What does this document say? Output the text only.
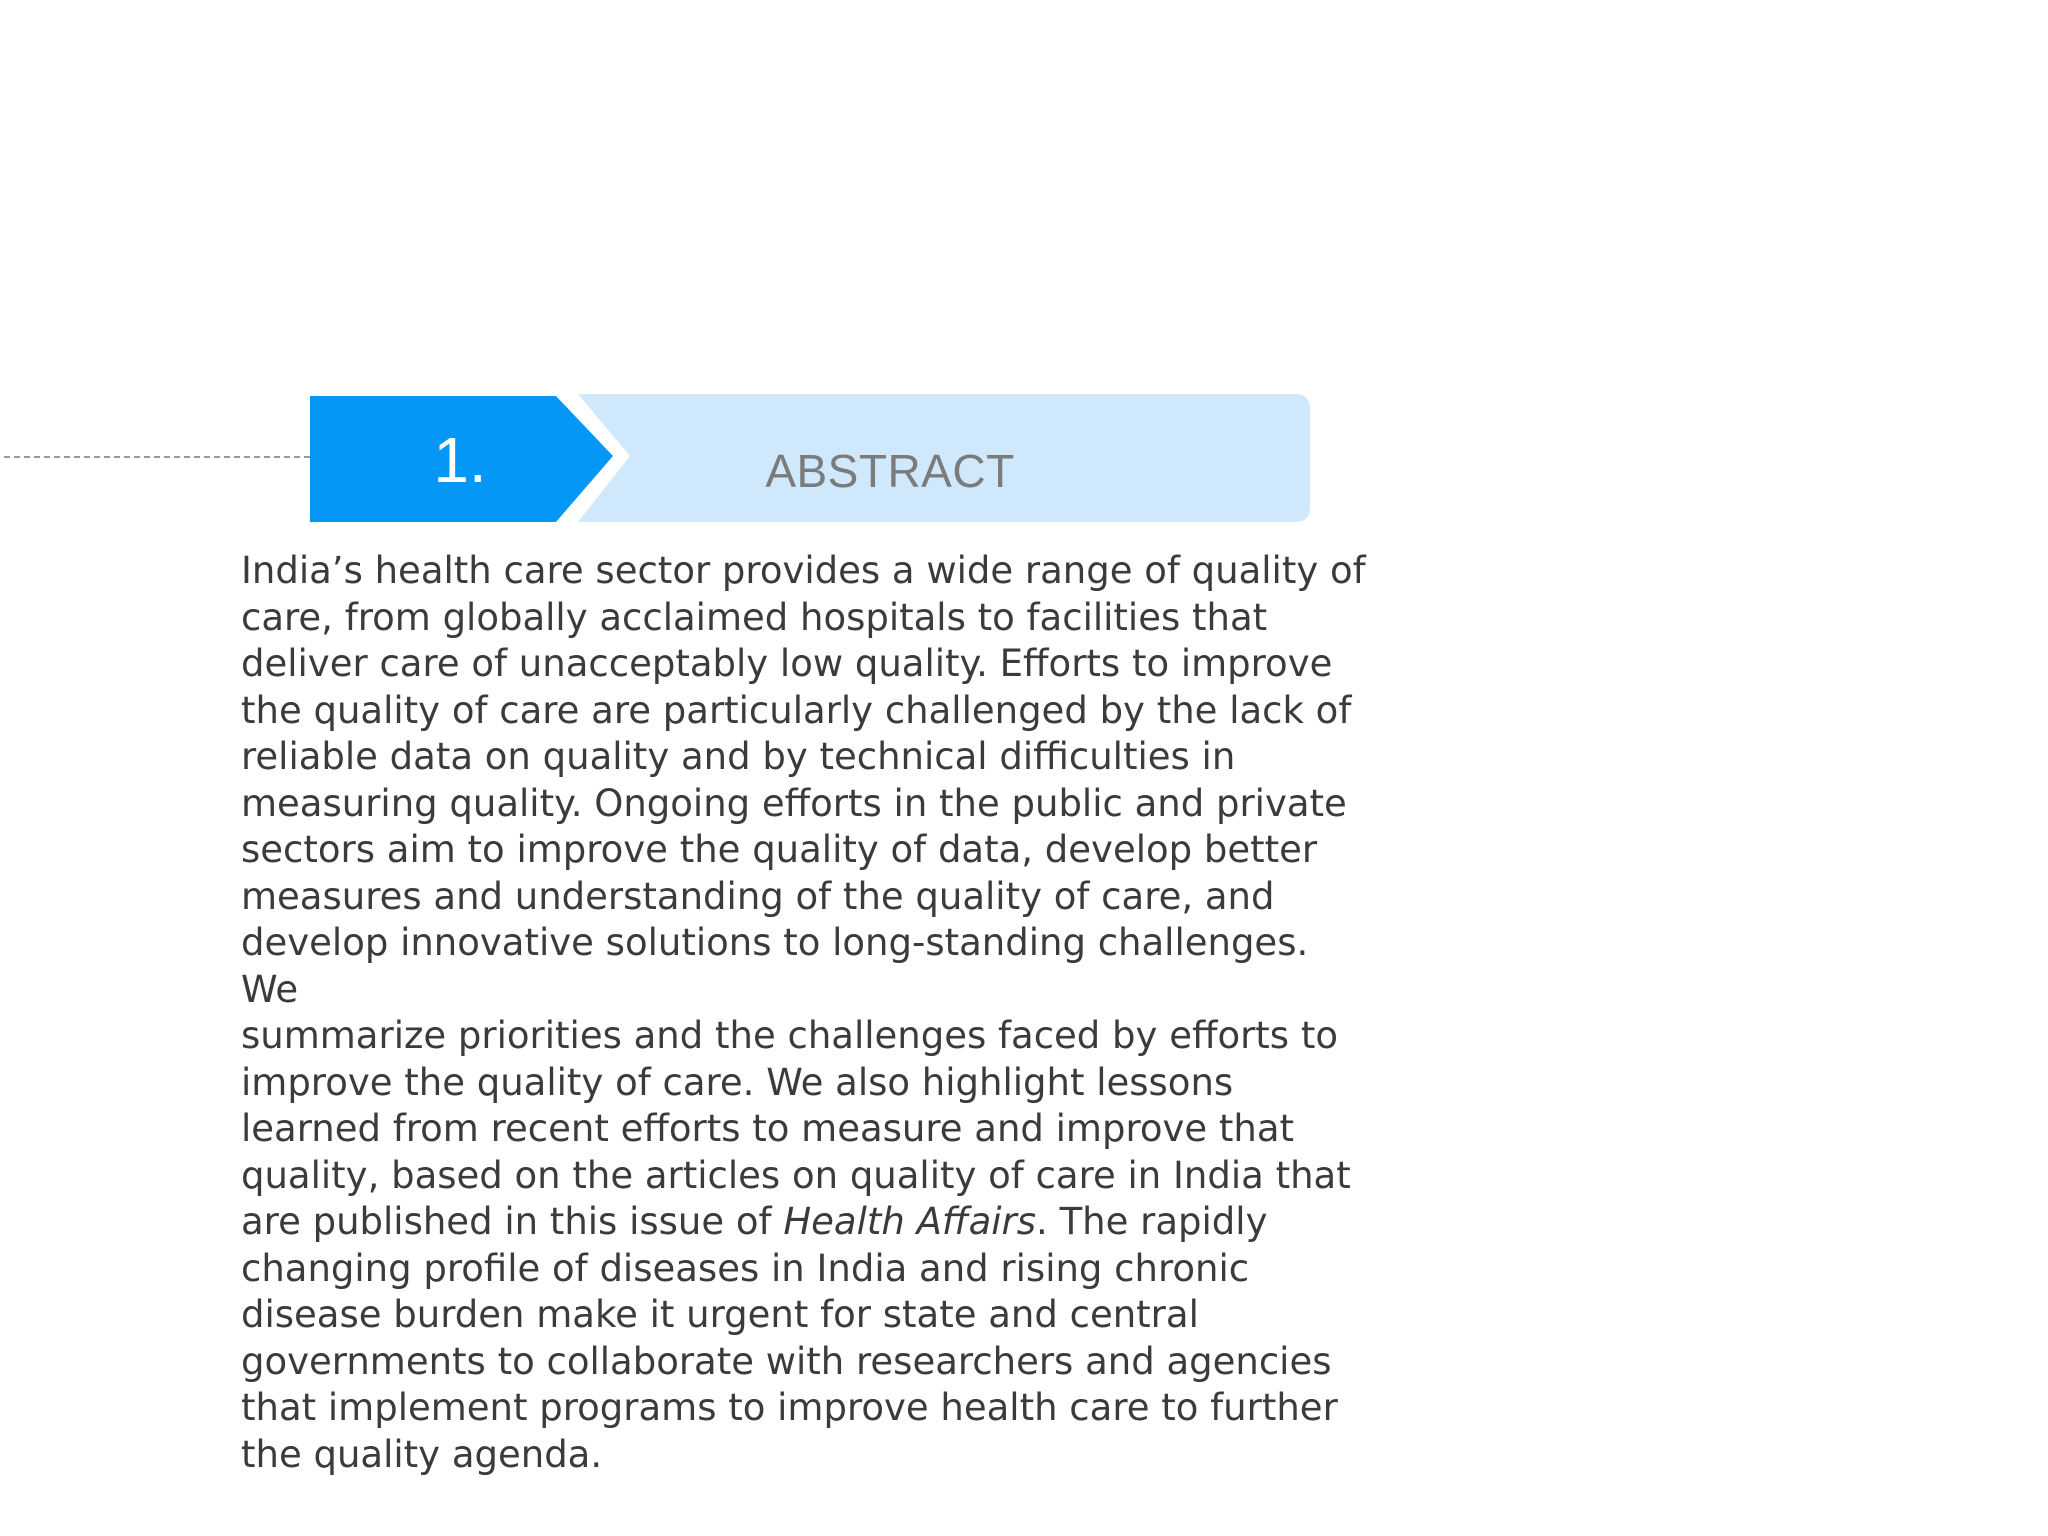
1.	ABSTRACT

India’s health care sector provides a wide range of quality of
care, from globally acclaimed hospitals to facilities that
deliver care of unacceptably low quality. Efforts to improve
the quality of care are particularly challenged by the lack of
reliable data on quality and by technical difficulties in
measuring quality. Ongoing efforts in the public and private
sectors aim to improve the quality of data, develop better
measures and understanding of the quality of care, and
develop innovative solutions to long-standing challenges. We
summarize priorities and the challenges faced by efforts to
improve the quality of care. We also highlight lessons
learned from recent efforts to measure and improve that
quality, based on the articles on quality of care in India that
are published in this issue of Health Affairs. The rapidly
changing profile of diseases in India and rising chronic
disease burden make it urgent for state and central
governments to collaborate with researchers and agencies
that implement programs to improve health care to further
the quality agenda.
